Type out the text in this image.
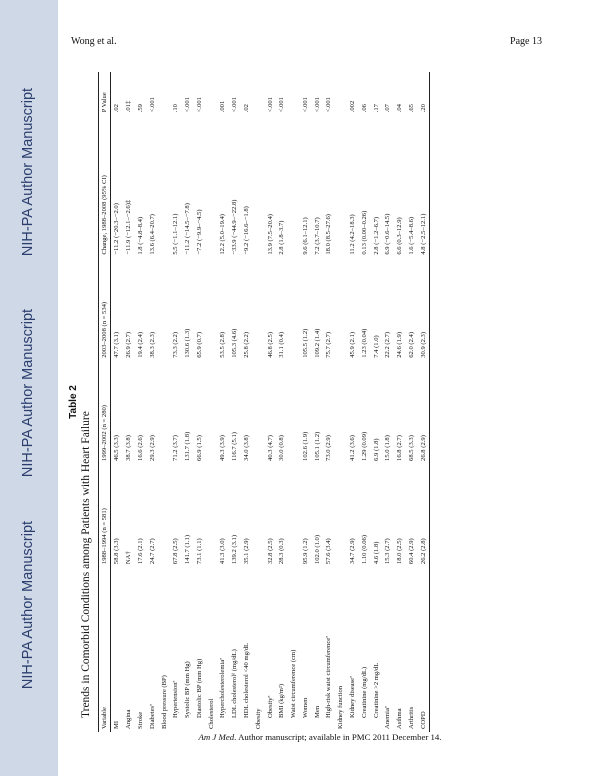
NIH-PA Author Manuscript
NIH-PA Author Manuscript
NIH-PA Author Manuscript
Wong et al.	Page 13
Table 2
Trends in Comorbid Conditions among Patients with Heart Failure
Variable	1988–1994 (n = 581)	1999–2002 (n = 280)	2003–2008 (n = 534)	Change, 1988–2008 (95% CI)	P Value
MI	58.8 (3.3)	46.5 (3.3)	47.7 (3.1)	−11.2 (−20.3–−2.0)	.02
Angina	NA†	38.7 (3.8)	26.9 (2.7)	−11.9 (−12.1–−2.6)‡	.01‡
Stroke	17.6 (2.1)	16.6 (2.6)	19.4 (2.4)	1.8 (−4.8–8.4)	.59
Diabetesª	24.7 (2.7)	29.3 (2.9)	38.3 (2.3)	13.6 (6.4–20.7)	<.001
Blood pressure (BP)					
Hypertensionª	67.8 (2.5)	71.2 (3.7)	73.3 (2.2)	5.5 (−1.1–12.1)	.10
Systolic BP (mm Hg)	141.7 (1.1)	131.7 (1.8)	130.6 (1.3)	−11.2 (−14.5–−7.8)	<.001
Diastolic BP (mm Hg)	73.1 (1.1)	66.9 (1.5)	65.9 (0.7)	−7.2 (−9.9–−4.5)	<.001
Cholesterol					
Hypercholesterolemiaª	41.3 (3.0)	49.3 (3.9)	53.5 (2.8)	12.2 (5.0–19.4)	.001
LDL cholesterolᵈ (mg/dL)	139.2 (3.1)	116.7 (5.1)	105.3 (4.6)	−33.9 (−44.9–−22.8)	<.001
HDL cholesterol <40 mg/dL	35.1 (2.9)	34.0 (3.8)	25.8 (2.2)	−9.2 (−16.6–−1.8)	.02
Obesity					
Obesityª	32.8 (2.5)	40.3 (4.7)	46.8 (2.5)	13.9 (7.5–20.4)	<.001
BMI (kg/m²)	28.3 (0.3)	30.0 (0.8)	31.1 (0.4)	2.8 (1.8–3.7)	<.001
Waist circumference (cm)					
Women	95.9 (1.2)	102.6 (1.9)	105.5 (1.2)	9.6 (6.1–12.1)	<.001
Men	102.0 (1.0)	105.1 (1.2)	109.2 (1.4)	7.2 (3.7–10.7)	<.001
High-risk waist circumferenceª	57.6 (3.4)	73.0 (2.9)	75.7 (2.7)	18.0 (8.5–27.6)	<.001
Kidney function					
Kidney diseaseª	34.7 (2.9)	41.2 (3.6)	45.9 (2.1)	11.2 (4.2–18.3)	.002
Creatinine (mg/dL)	1.10 (0.06)	1.29 (0.09)	1.23 (0.04)	0.13 (0.00–0.26)	.06
Creatinine >2 mg/dL	4.6 (1.8)	6.9 (1.8)	7.4 (1.0)	2.8 (−1.2–6.7)	.17
Anemiaª	15.3 (2.7)	15.0 (1.8)	22.2 (2.7)	6.9 (−0.6–14.5)	.07
Asthma	18.0 (2.5)	16.8 (2.7)	24.6 (1.9)	6.6 (0.3–12.9)	.04
Arthritis	60.4 (2.9)	68.5 (3.3)	62.0 (2.4)	1.6 (−5.4–8.6)	.65
COPD	26.2 (2.8)	26.8 (2.9)	30.9 (2.3)	4.8 (−2.5–12.1)	.20
Am J Med. Author manuscript; available in PMC 2011 December 14.
